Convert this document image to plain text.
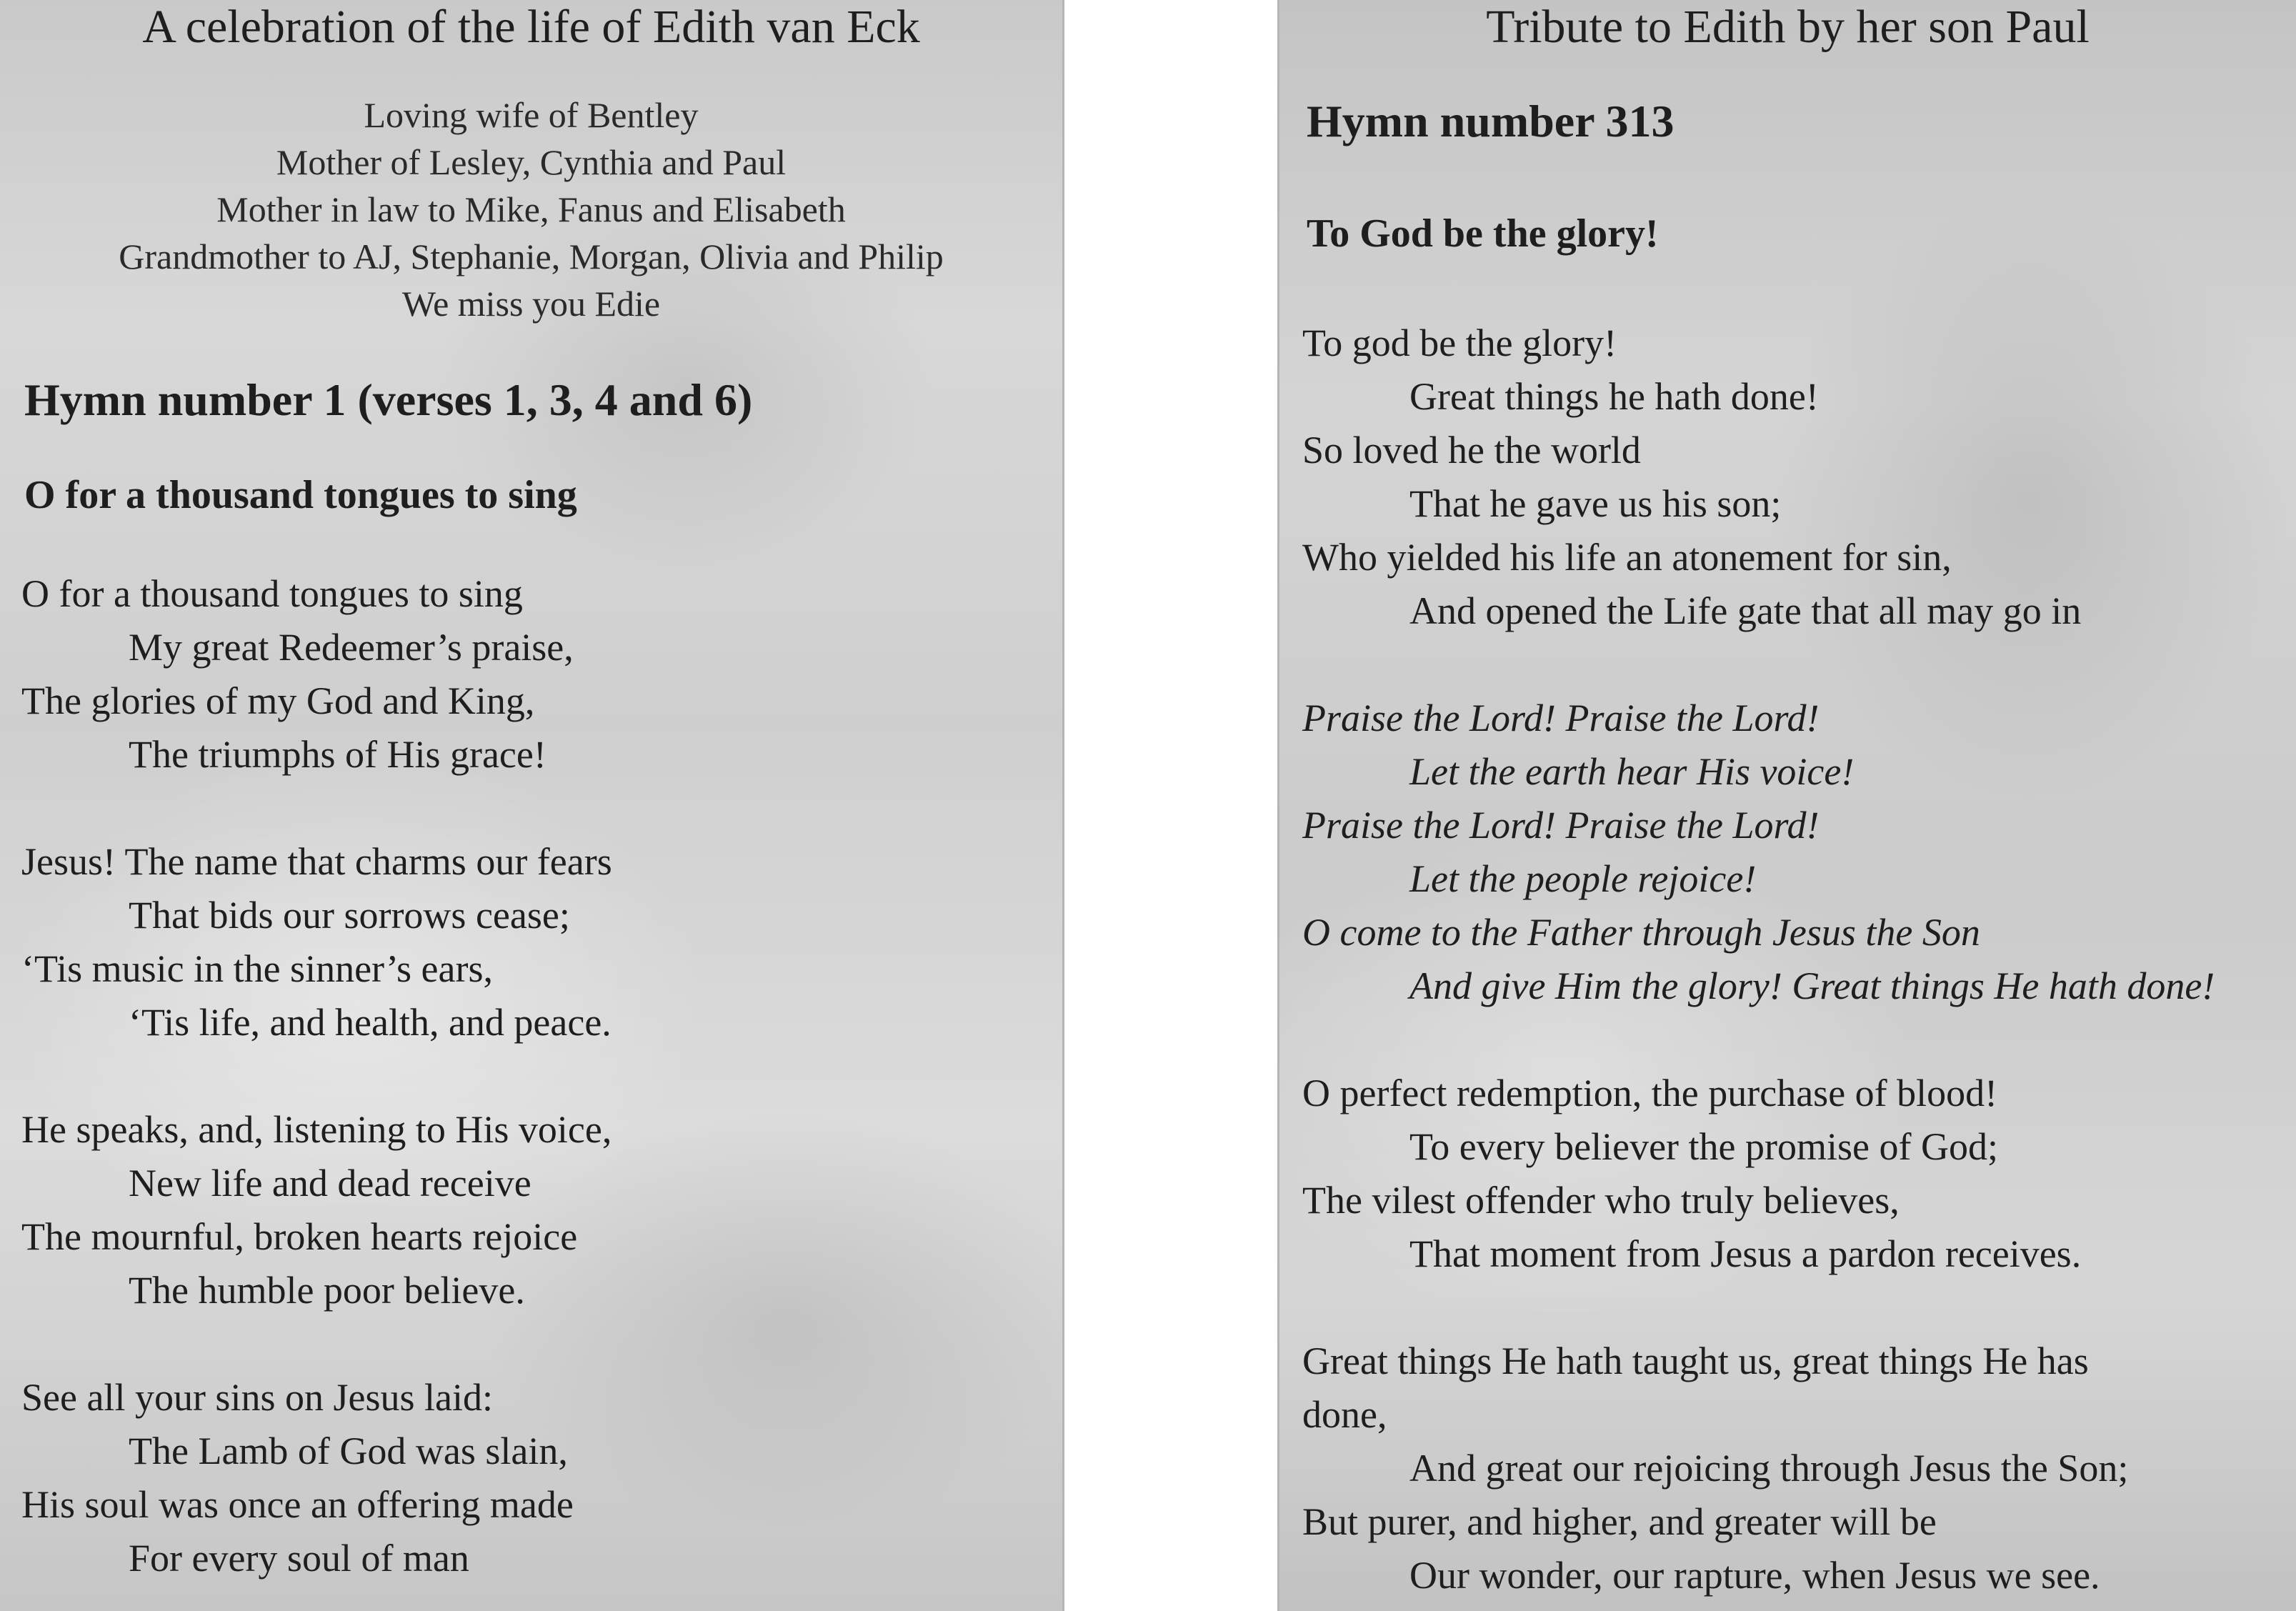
A celebration of the life of Edith van Eck
Loving wife of Bentley
Mother of Lesley, Cynthia and Paul
Mother in law to Mike, Fanus and Elisabeth
Grandmother to AJ, Stephanie, Morgan, Olivia and Philip
We miss you Edie
Hymn number 1 (verses 1, 3, 4 and 6)
O for a thousand tongues to sing
O for a thousand tongues to sing
My great Redeemer’s praise,
The glories of my God and King,
The triumphs of His grace!
Jesus! The name that charms our fears
That bids our sorrows cease;
‘Tis music in the sinner’s ears,
‘Tis life, and health, and peace.
He speaks, and, listening to His voice,
New life and dead receive
The mournful, broken hearts rejoice
The humble poor believe.
See all your sins on Jesus laid:
The Lamb of God was slain,
His soul was once an offering made
For every soul of man
Tribute to Edith by her son Paul
Hymn number 313
To God be the glory!
To god be the glory!
Great things he hath done!
So loved he the world
That he gave us his son;
Who yielded his life an atonement for sin,
And opened the Life gate that all may go in
Praise the Lord! Praise the Lord!
Let the earth hear His voice!
Praise the Lord! Praise the Lord!
Let the people rejoice!
O come to the Father through Jesus the Son
And give Him the glory! Great things He hath done!
O perfect redemption, the purchase of blood!
To every believer the promise of God;
The vilest offender who truly believes,
That moment from Jesus a pardon receives.
Great things He hath taught us, great things He has
done,
And great our rejoicing through Jesus the Son;
But purer, and higher, and greater will be
Our wonder, our rapture, when Jesus we see.
